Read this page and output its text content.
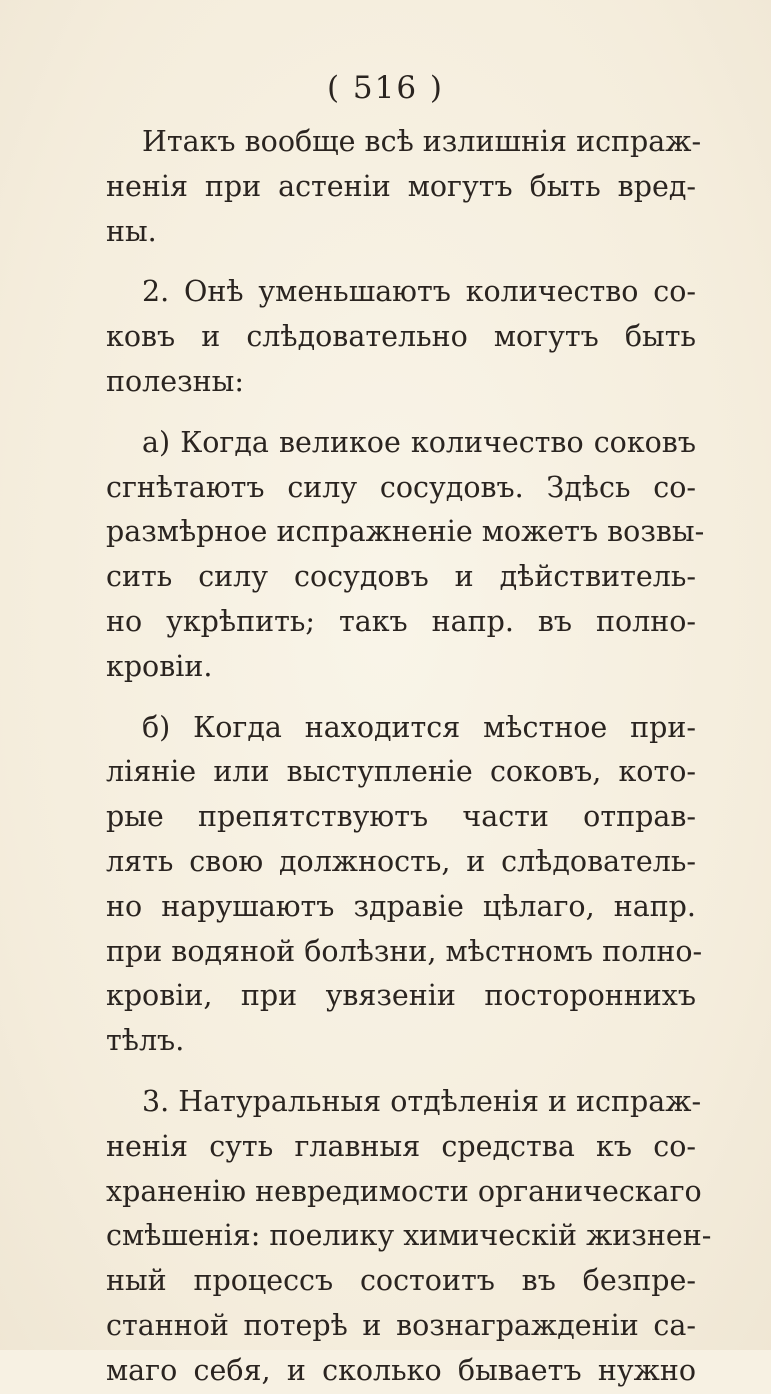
( 516 )
Итакъ вообще всѣ излишнія испраж-
ненія при астеніи могутъ быть вред-
ны.
2. Онѣ уменьшаютъ количество со-
ковъ и слѣдовательно могутъ быть
полезны:
а) Когда великое количество соковъ
сгнѣтаютъ силу сосудовъ. Здѣсь со-
размѣрное испражненіе можетъ возвы-
сить силу сосудовъ и дѣйствитель-
но укрѣпить; такъ напр. въ полно-
кровіи.
б) Когда находится мѣстное при-
ліяніе или выступленіе соковъ, кото-
рые препятствуютъ части отправ-
лять свою должность, и слѣдователь-
но нарушаютъ здравіе цѣлаго, напр.
при водяной болѣзни, мѣстномъ полно-
кровіи, при увязеніи постороннихъ
тѣлъ.
3. Натуральныя отдѣленія и испраж-
ненія суть главныя средства къ со-
храненію невредимости органическаго
смѣшенія: поелику химическій жизнен-
ный процессъ состоитъ въ безпре-
станной потерѣ и вознагражденіи са-
маго себя, и сколько бываетъ нужно
